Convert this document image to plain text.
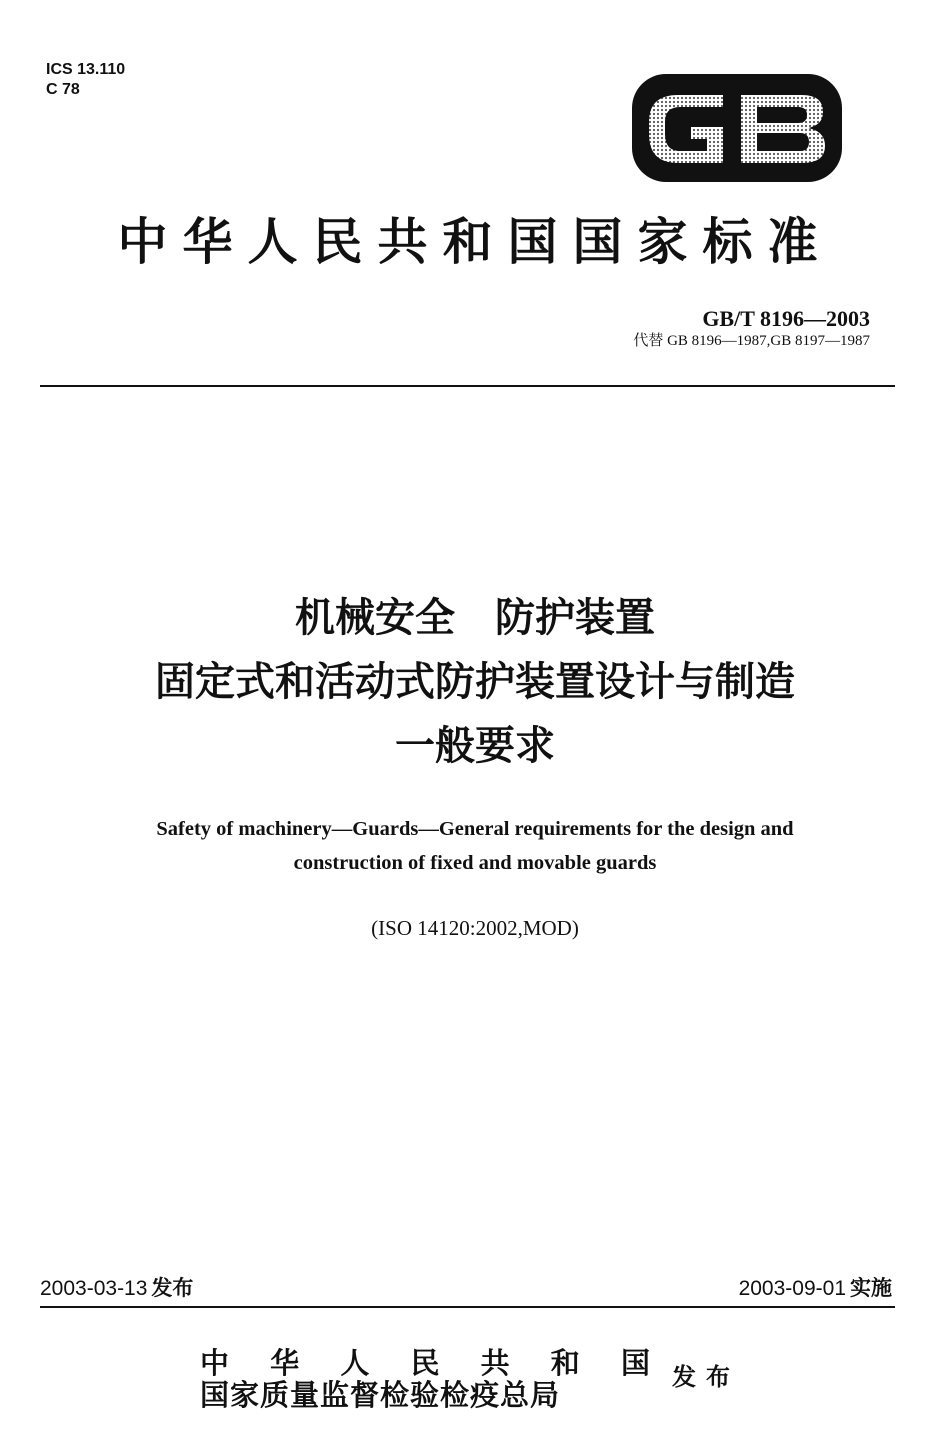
ICS 13.110
C 78
中华人民共和国国家标准
GB/T 8196—2003
代替 GB 8196—1987,GB 8197—1987
机械安全　防护装置
固定式和活动式防护装置设计与制造
一般要求
Safety of machinery—Guards—General requirements for the design and
construction of fixed and movable guards
(ISO 14120:2002,MOD)
2003-03-13 发布	2003-09-01 实施
中 华 人 民 共 和 国
国家质量监督检验检疫总局
发布
